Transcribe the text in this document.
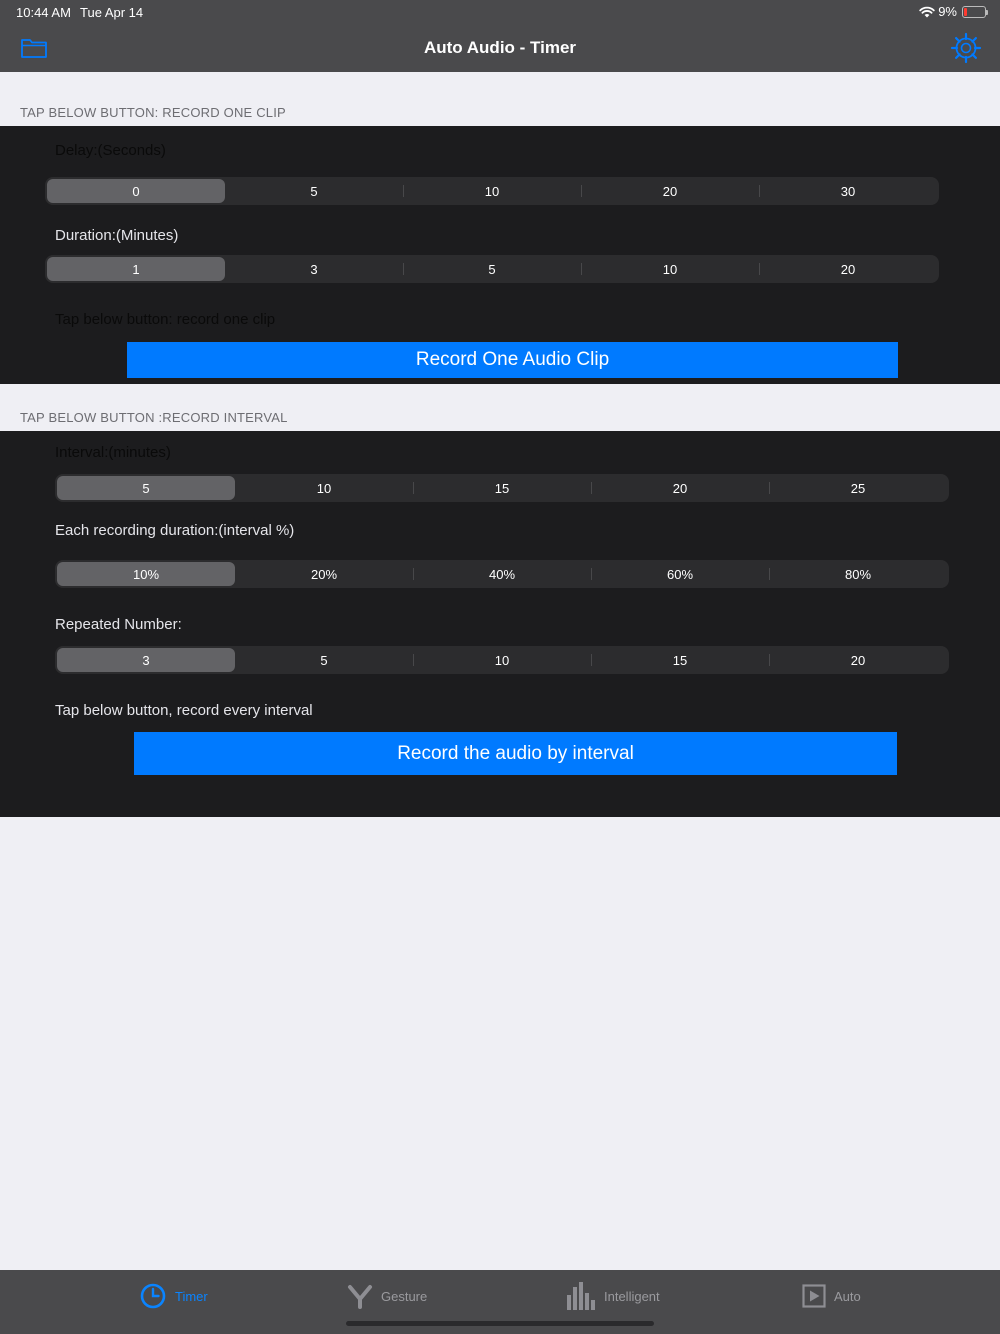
10:44 AM Tue Apr 14	9%
Auto Audio - Timer
TAP BELOW BUTTON: RECORD ONE CLIP
Delay:(Seconds)
0	5	10	20	30
Duration:(Minutes)
1	3	5	10	20
Tap below button: record one clip
Record One Audio Clip
TAP BELOW BUTTON :RECORD INTERVAL
Interval:(minutes)
5	10	15	20	25
Each recording duration:(interval %)
10%	20%	40%	60%	80%
Repeated Number:
3	5	10	15	20
Tap below button, record every interval
Record the audio by interval
Timer	Gesture	Intelligent	Auto
